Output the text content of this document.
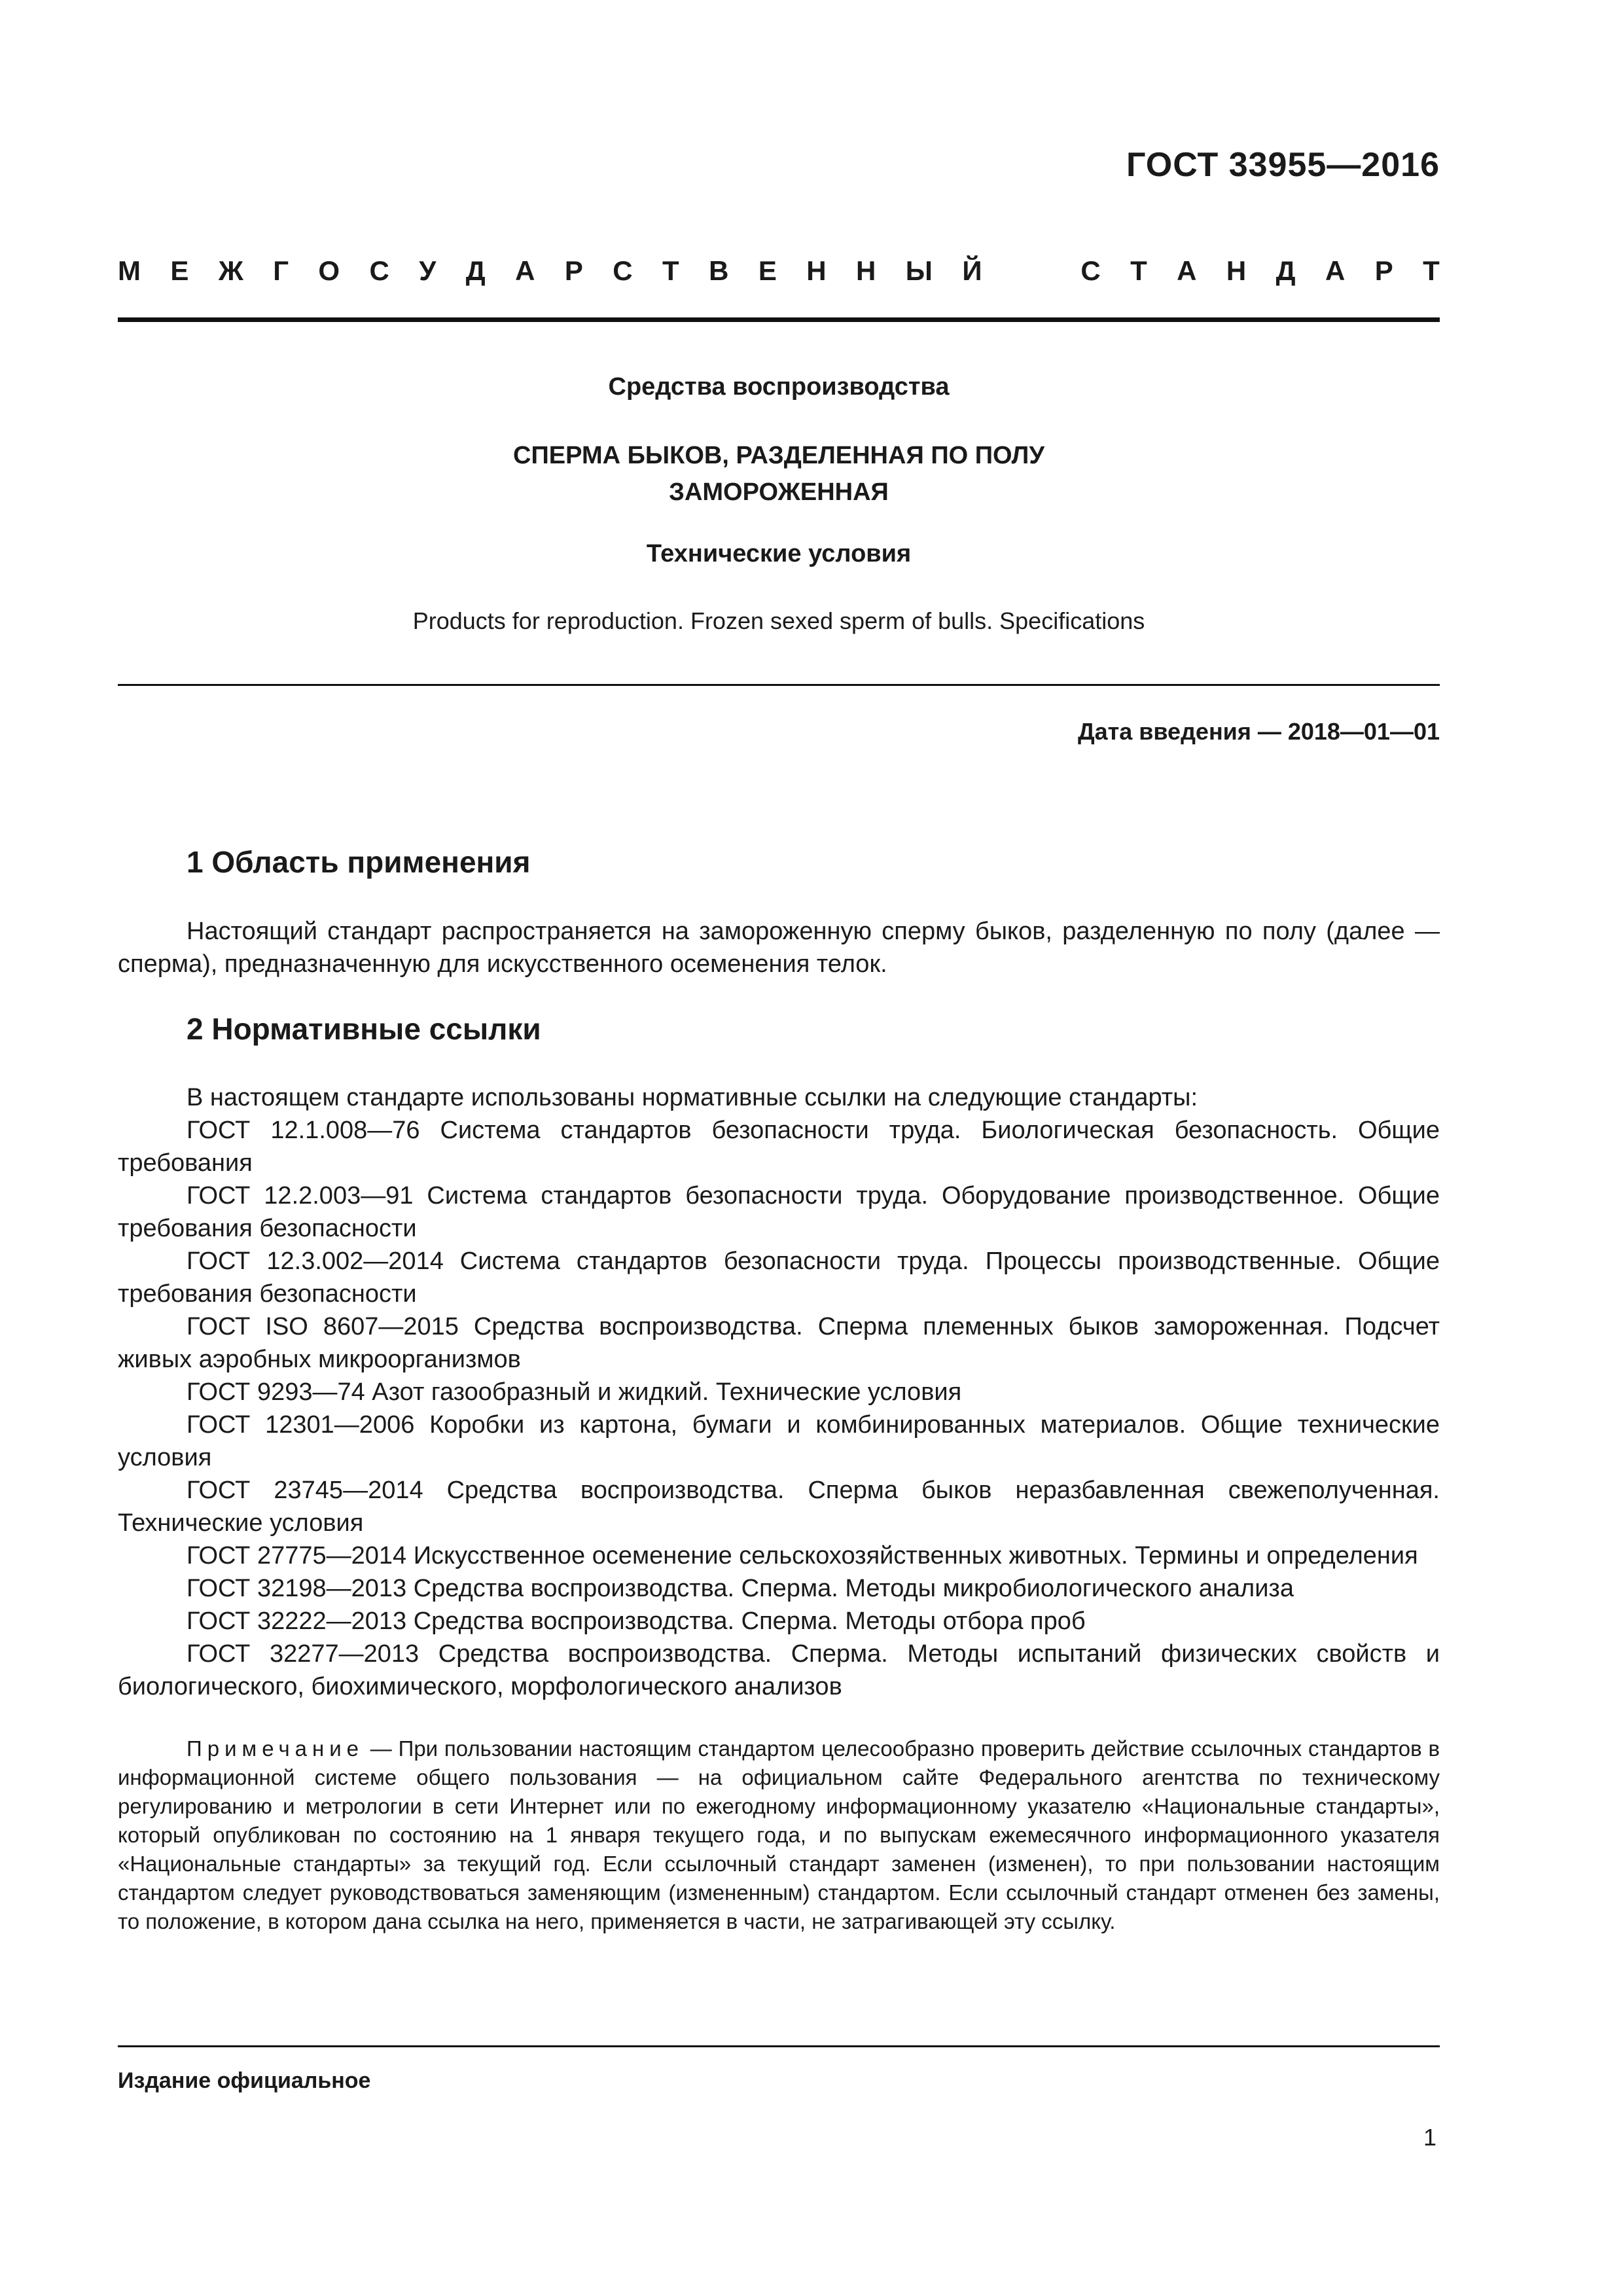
ГОСТ 33955—2016
М Е Ж Г О С У Д А Р С Т В Е Н Н Ы Й	С Т А Н Д А Р Т
Средства воспроизводства
СПЕРМА БЫКОВ, РАЗДЕЛЕННАЯ ПО ПОЛУ
ЗАМОРОЖЕННАЯ
Технические условия
Products for reproduction. Frozen sexed sperm of bulls. Specifications
Дата введения — 2018—01—01
1 Область применения
Настоящий стандарт распространяется на замороженную сперму быков, разделенную по полу (далее — сперма), предназначенную для искусственного осеменения телок.
2 Нормативные ссылки

В настоящем стандарте использованы нормативные ссылки на следующие стандарты:

ГОСТ 12.1.008—76 Система стандартов безопасности труда. Биологическая безопасность. Общие требования

ГОСТ 12.2.003—91 Система стандартов безопасности труда. Оборудование производственное. Общие требования безопасности

ГОСТ 12.3.002—2014 Система стандартов безопасности труда. Процессы производственные. Общие требования безопасности

ГОСТ ISO 8607—2015 Средства воспроизводства. Сперма племенных быков замороженная. Подсчет живых аэробных микроорганизмов

ГОСТ 9293—74 Азот газообразный и жидкий. Технические условия

ГОСТ 12301—2006 Коробки из картона, бумаги и комбинированных материалов. Общие технические условия

ГОСТ 23745—2014 Средства воспроизводства. Сперма быков неразбавленная свежеполученная. Технические условия

ГОСТ 27775—2014 Искусственное осеменение сельскохозяйственных животных. Термины и определения

ГОСТ 32198—2013 Средства воспроизводства. Сперма. Методы микробиологического анализа

ГОСТ 32222—2013 Средства воспроизводства. Сперма. Методы отбора проб

ГОСТ 32277—2013 Средства воспроизводства. Сперма. Методы испытаний физических свойств и биологического, биохимического, морфологического анализов

Примечание — При пользовании настоящим стандартом целесообразно проверить действие ссылочных стандартов в информационной системе общего пользования — на официальном сайте Федерального агентства по техническому регулированию и метрологии в сети Интернет или по ежегодному информационному указателю «Национальные стандарты», который опубликован по состоянию на 1 января текущего года, и по выпускам ежемесячного информационного указателя «Национальные стандарты» за текущий год. Если ссылочный стандарт заменен (изменен), то при пользовании настоящим стандартом следует руководствоваться заменяющим (измененным) стандартом. Если ссылочный стандарт отменен без замены, то положение, в котором дана ссылка на него, применяется в части, не затрагивающей эту ссылку.
Издание официальное
1
